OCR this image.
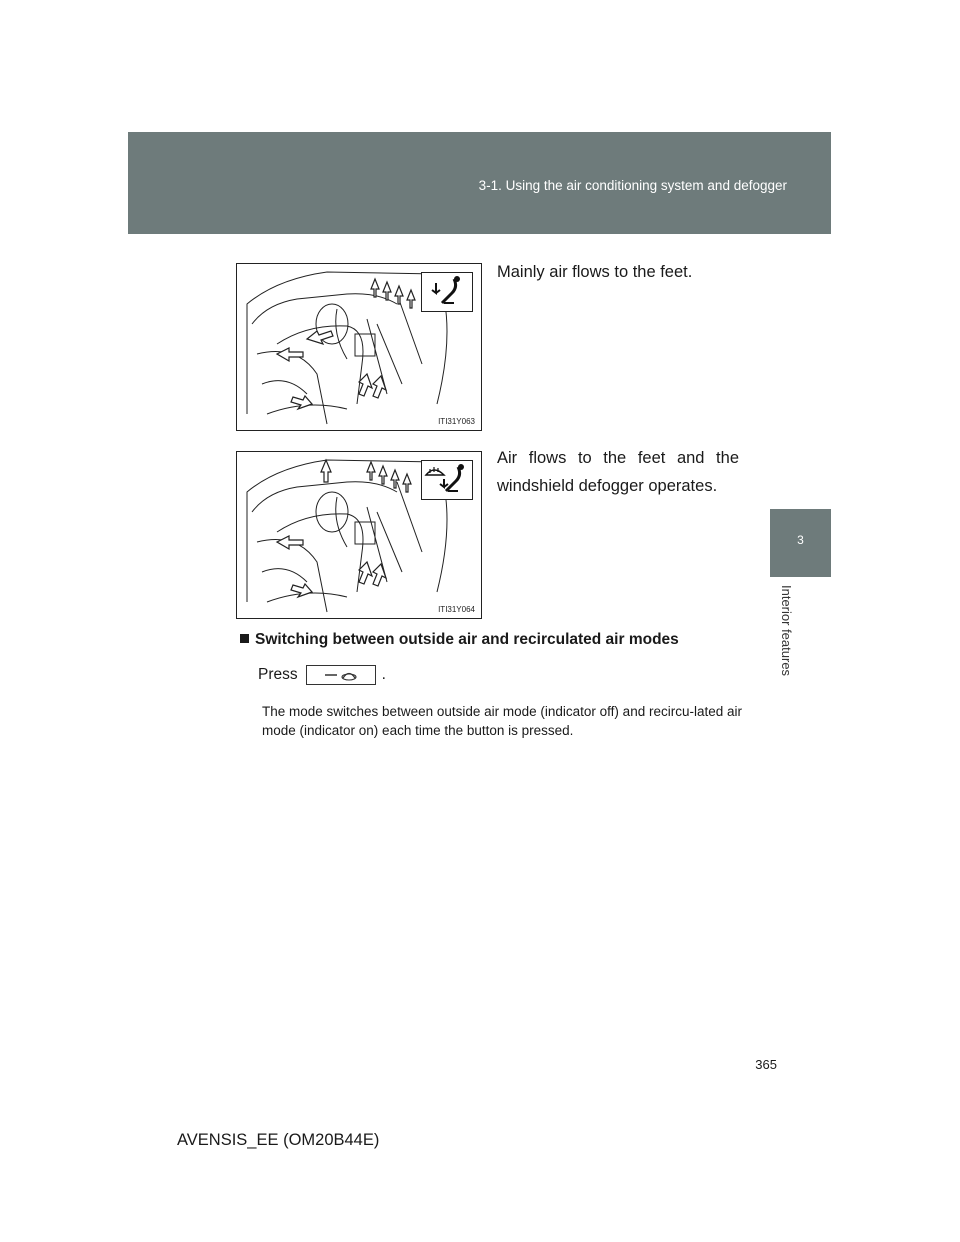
3-1. Using the air conditioning system and defogger
3
Interior features
ITI31Y063
Mainly air flows to the feet.
ITI31Y064
Air flows to the feet and the windshield defogger operates.
Switching between outside air and recirculated air modes
Press	.
The mode switches between outside air mode (indicator off) and recircu-lated air mode (indicator on) each time the button is pressed.
365
AVENSIS_EE (OM20B44E)
